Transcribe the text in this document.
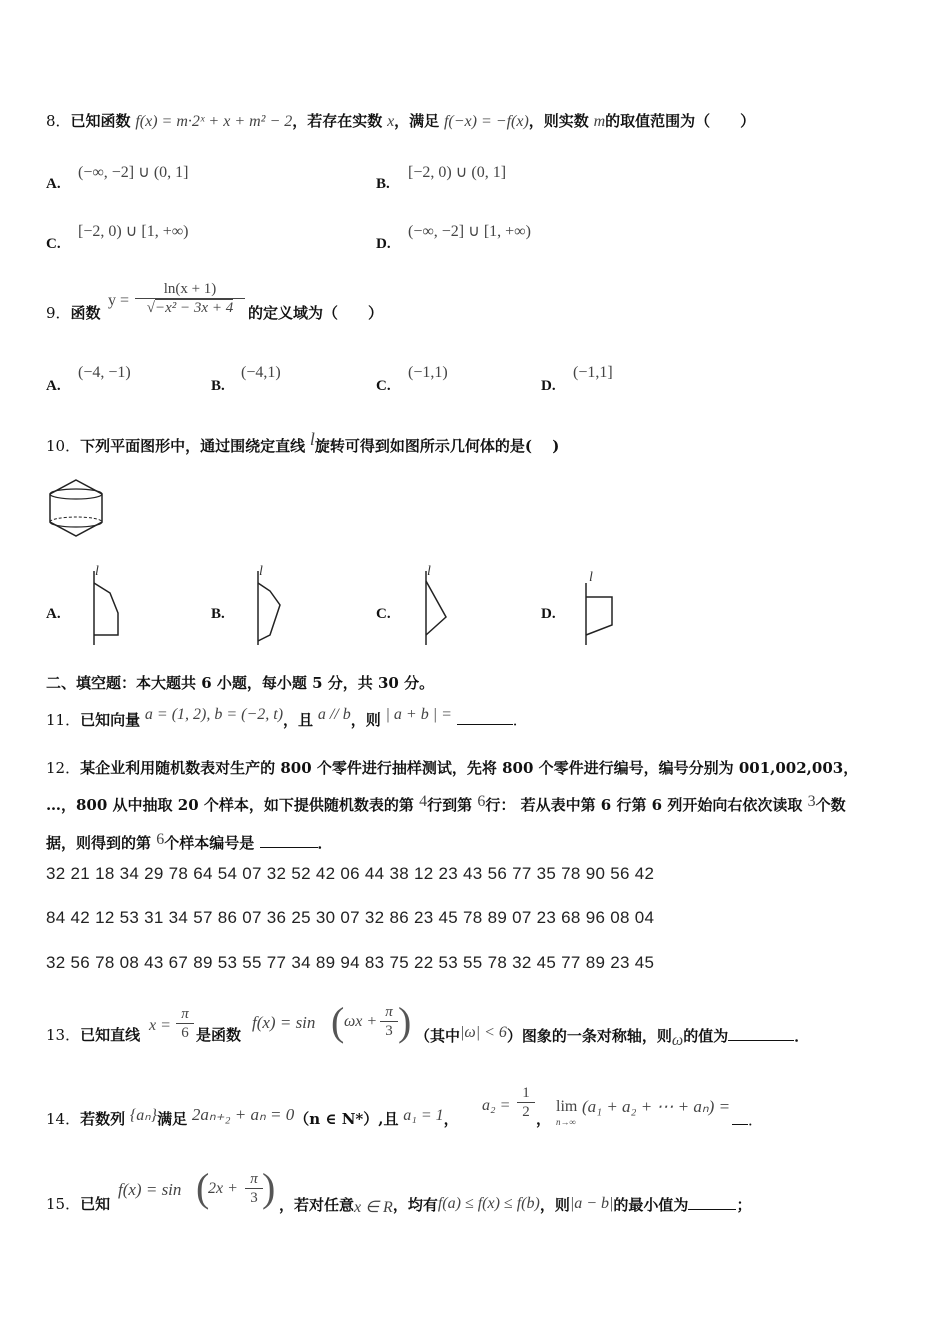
8．已知函数 f(x) = m·2ˣ + x + m² − 2，若存在实数 x，满足 f(−x) = −f(x)，则实数 m的取值范围为（　　）
A.
(−∞, −2] ∪ (0, 1]
B.
[−2, 0) ∪ (0, 1]
C.
[−2, 0) ∪ [1, +∞)
D.
(−∞, −2] ∪ [1, +∞)
9．函数
$y = \frac{\ln(x + 1)}{\text{√−x² − 3x + 4}}$ 的定义域为（　　）
A.
(−4, −1)
B.
(−4,1)
C.
(−1,1)
D.
(−1,1]
10．下列平面图形中，通过围绕定直线 l旋转可得到如图所示几何体的是(　 )
A.
l
B.
l
C.
l
D.
l
二、填空题：本大题共 6 小题，每小题 5 分，共 30 分。
11．已知向量 a = (1, 2), b = (−2, t)，且 a // b，则 | a + b | =	．
12．某企业利用随机数表对生产的 800 个零件进行抽样测试，先将 800 个零件进行编号，编号分别为 001,002,003，
…，800 从中抽取 20 个样本，如下提供随机数表的第 4行到第 6行： 若从表中第 6 行第 6 列开始向右依次读取 3个数
据，则得到的第 6个样本编号是	．
32 21 18 34 29 78 64 54 07 32 52 42 06 44 38 12 23 43 56 77 35 78 90 56 42
84 42 12 53 31 34 57 86 07 36 25 30 07 32 86 23 45 78 89 07 23 68 96 08 04
32 56 78 08 43 67 89 53 55 77 34 89 94 83 75 22 53 55 78 32 45 77 89 23 45
13．已知直线
$x = \frac{\pi}{6}$ 是函数
f(x) = sin ( $\omega x + \frac{\pi}{3}$ ) （其中|ω| < 6）图象的一条对称轴，则ω的值为	．
14．若数列 {aₙ}满足 2aₙ₊₂ + aₙ = 0（n ∈ N*）,且 a₁ = 1，
$a_2 = \frac{1}{2}$ ，
lim
n→∞
(a₁ + a₂ + ⋯ + aₙ) =
．
15．已知
f(x) = sin (
$2x + \frac{\pi}{3}$ ) ，若对任意x ∈ R，均有f(a) ≤ f(x) ≤ f(b)，则|a − b|的最小值为	；
